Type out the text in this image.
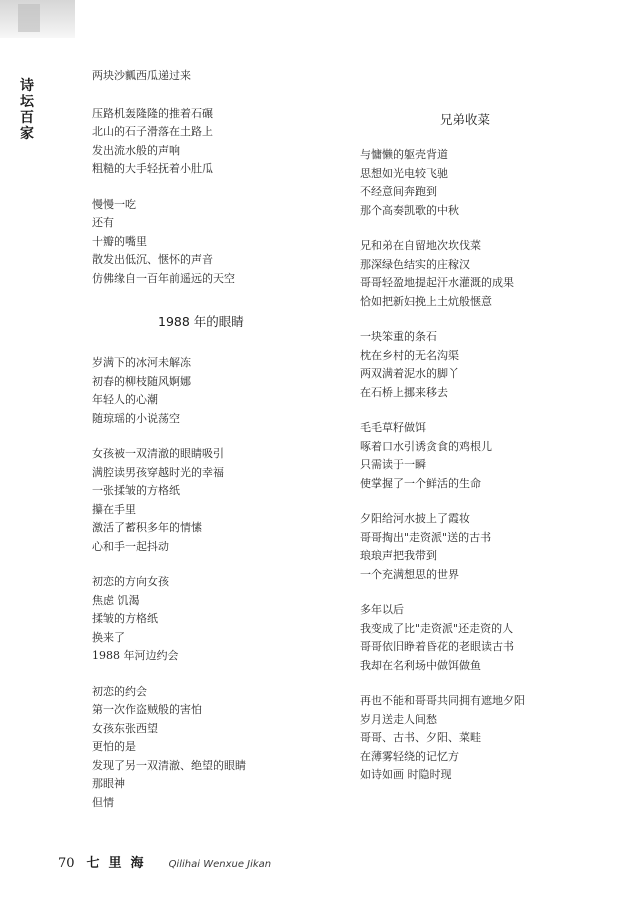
诗坛百家
两块沙瓤西瓜递过来
压路机轰隆隆的推着石碾
北山的石子滑落在土路上
发出流水般的声响
粗糙的大手轻抚着小肚瓜
慢慢一吃
还有
十瓣的嘴里
散发出低沉、惬怀的声音
仿佛缘自一百年前遥远的天空
岁满下的冰河未解冻
初春的柳枝随风婀娜
年轻人的心潮
随琼瑶的小说荡空
女孩被一双清澈的眼睛吸引
满腔读男孩穿越时光的幸福
一张揉皱的方格纸
攥在手里
激活了蓄积多年的情愫
心和手一起抖动
初恋的方向女孩
焦虑 饥渴
揉皱的方格纸
换来了
1988 年河边约会
初恋的约会
第一次作盗贼般的害怕
女孩东张西望
更怕的是
发现了另一双清澈、绝望的眼睛
那眼神
但情
1988 年的眼睛
与慵懒的躯壳背道
思想如光电较飞驰
不经意间奔跑到
那个高奏凯歌的中秋
兄和弟在自留地次坎伐菜
那深绿色结实的庄稼汉
哥哥轻盈地提起汗水灌溉的成果
恰如把新妇挽上土炕般惬意
一块笨重的条石
枕在乡村的无名沟渠
两双满着泥水的脚丫
在石桥上挪来移去
毛毛草籽做饵
啄着口水引诱贪食的鸡根儿
只需读于一瞬
使掌握了一个鲜活的生命
夕阳给河水披上了霞妆
哥哥掏出"走资派"送的古书
琅琅声把我带到
一个充满想思的世界
多年以后
我变成了比"走资派"还走资的人
哥哥依旧睁着昏花的老眼读古书
我却在名利场中做饵做鱼
再也不能和哥哥共同拥有遮地夕阳
岁月送走人间愁
哥哥、古书、夕阳、菜畦
在薄雾轻绕的记忆方
如诗如画 时隐时现
兄弟收菜
70 七里海 Qilihai Wenxue Jikan
